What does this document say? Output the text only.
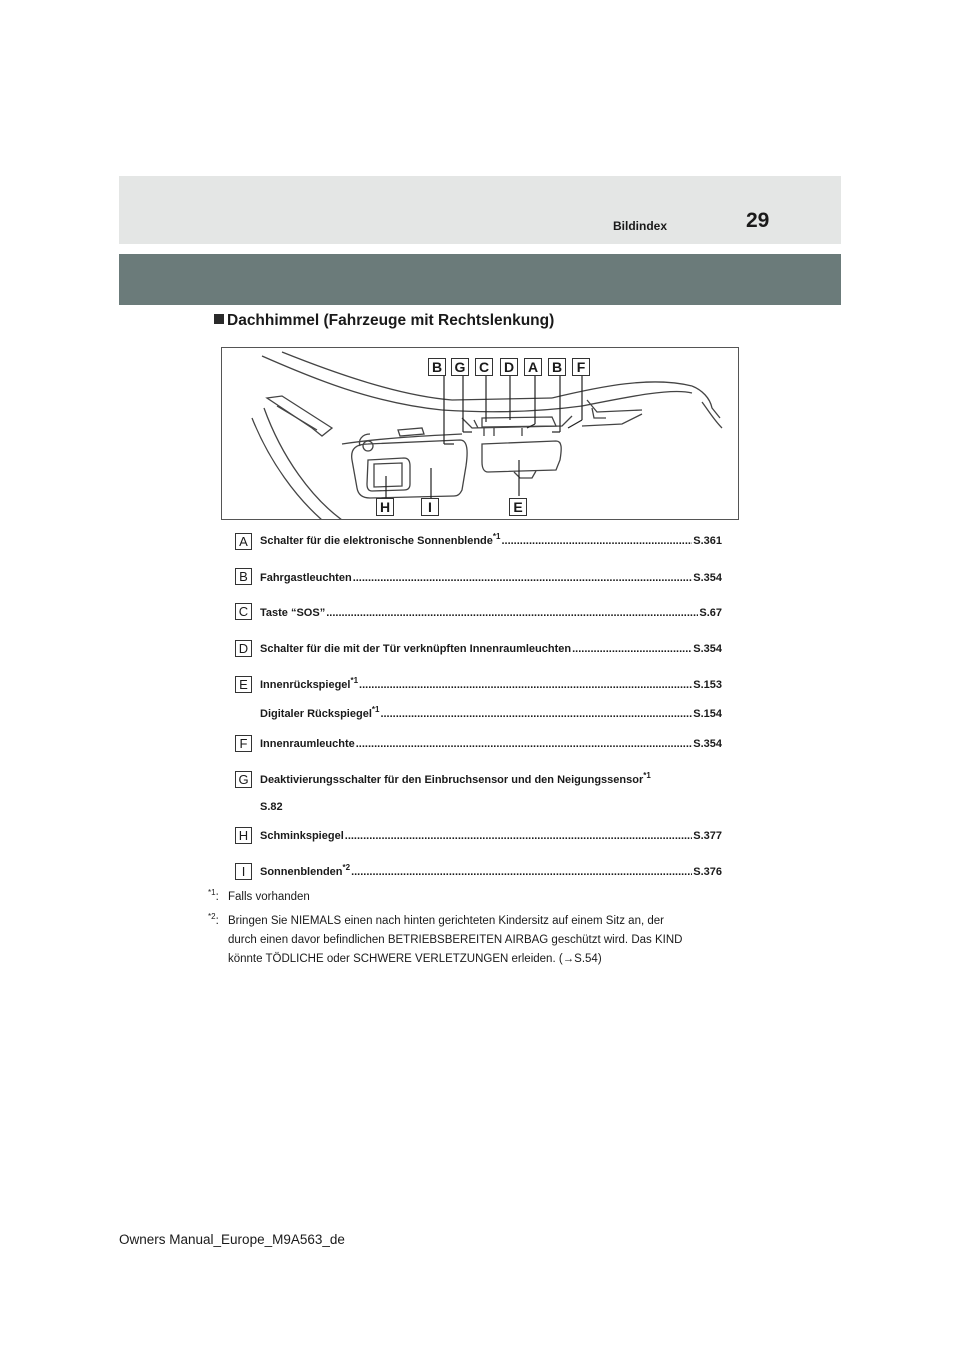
Bildindex	29
Dachhimmel (Fahrzeuge mit Rechtslenkung)
B G C D A B	F
H	I	E
A	Schalter für die elektronische Sonnenblende$^{*1}$ .....	S.361
B	Fahrgastleuchten .....	S.354
C	Taste “SOS” .....	S.67
D	Schalter für die mit der Tür verknüpften Innenraumleuchten .....	S.354
E	Innenrückspiegel$^{*1}$ .....	S.153
Digitaler Rückspiegel$^{*1}$ .....	S.154
F	Innenraumleuchte .....	S.354
G	Deaktivierungsschalter für den Einbruchsensor und den Neigungssensor$^{*1}$
S.82
H	Schminkspiegel .....	S.377
I	Sonnenblenden$^{*2}$ .....	S.376
$^{*1}$: Falls vorhanden
$^{*2}$: Bringen Sie NIEMALS einen nach hinten gerichteten Kindersitz auf einem Sitz an, der
durch einen davor befindlichen BETRIEBSBEREITEN AIRBAG geschützt wird. Das KIND
könnte TÖDLICHE oder SCHWERE VERLETZUNGEN erleiden. (→S.54)
Owners Manual_Europe_M9A563_de
